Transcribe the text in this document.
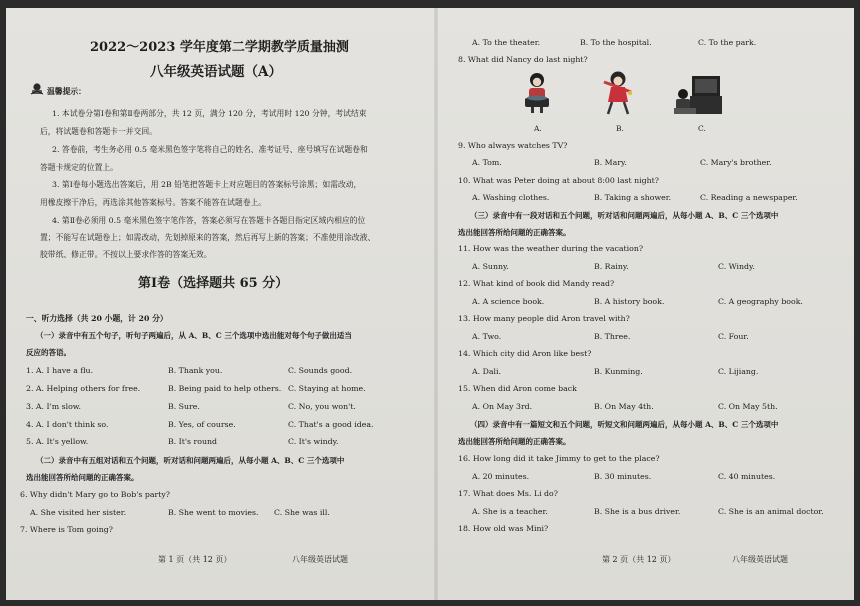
2022～2023 学年度第二学期教学质量抽测
八年级英语试题（A）
温馨提示：
1. 本试卷分第Ⅰ卷和第Ⅱ卷两部分，共 12 页，满分 120 分，考试用时 120 分钟，考试结束
后，将试题卷和答题卡一并交回。
2. 答卷前，考生务必用 0.5 毫米黑色签字笔将自己的姓名、准考证号、座号填写在试题卷和
答题卡规定的位置上。
3. 第Ⅰ卷每小题选出答案后，用 2B 铅笔把答题卡上对应题目的答案标号涂黑；如需改动，
用橡皮擦干净后，再选涂其他答案标号。答案不能答在试题卷上。
4. 第Ⅱ卷必须用 0.5 毫米黑色签字笔作答，答案必须写在答题卡各题目指定区域内相应的位
置；不能写在试题卷上；如需改动，先划掉原来的答案，然后再写上新的答案；不准使用涂改液、
胶带纸、修正带。不按以上要求作答的答案无效。
第Ⅰ卷（选择题共 65 分）
一、听力选择（共 20 小题，计 20 分）
（一）录音中有五个句子，听句子两遍后，从 A、B、C 三个选项中选出能对每个句子做出适当
反应的答语。
1. A. I have a flu.	B. Thank you.	C. Sounds good.
2. A. Helping others for free.	B. Being paid to help others. C. Staying at home.
3. A. I'm slow.	B. Sure.	C. No, you won't.
4. A. I don't think so.	B. Yes, of course.	C. That's a good idea.
5. A. It's yellow.	B. It's round	C. It's windy.
（二）录音中有五组对话和五个问题，听对话和问题两遍后，从每小题 A、B、C 三个选项中
选出能回答所给问题的正确答案。
6. Why didn't Mary go to Bob's party?
A. She visited her sister.	B. She went to movies. C. She was ill.
7. Where is Tom going?
第 1 页（共 12 页）	八年级英语试题
A. To the theater.	B. To the hospital.	C. To the park.
8. What did Nancy do last night?
A.	B.	C.
9. Who always watches TV?
A. Tom.	B. Mary.	C. Mary's brother.
10. What was Peter doing at about 8:00 last night?
A. Washing clothes.	B. Taking a shower.	C. Reading a newspaper.
（三）录音中有一段对话和五个问题，听对话和问题两遍后，从每小题 A、B、C 三个选项中
选出能回答所给问题的正确答案。
11. How was the weather during the vacation?
A. Sunny.	B. Rainy.	C. Windy.
12. What kind of book did Mandy read?
A. A science book.	B. A history book.	C. A geography book.
13. How many people did Aron travel with?
A. Two.	B. Three.	C. Four.
14. Which city did Aron like best?
A. Dali.	B. Kunming.	C. Lijiang.
15. When did Aron come back
A. On May 3rd.	B. On May 4th.	C. On May 5th.
（四）录音中有一篇短文和五个问题，听短文和问题两遍后，从每小题 A、B、C 三个选项中
选出能回答所给问题的正确答案。
16. How long did it take Jimmy to get to the place?
A. 20 minutes.	B. 30 minutes.	C. 40 minutes.
17. What does Ms. Li do?
A. She is a teacher.	B. She is a bus driver.	C. She is an animal doctor.
18. How old was Mini?
第 2 页（共 12 页）	八年级英语试题
